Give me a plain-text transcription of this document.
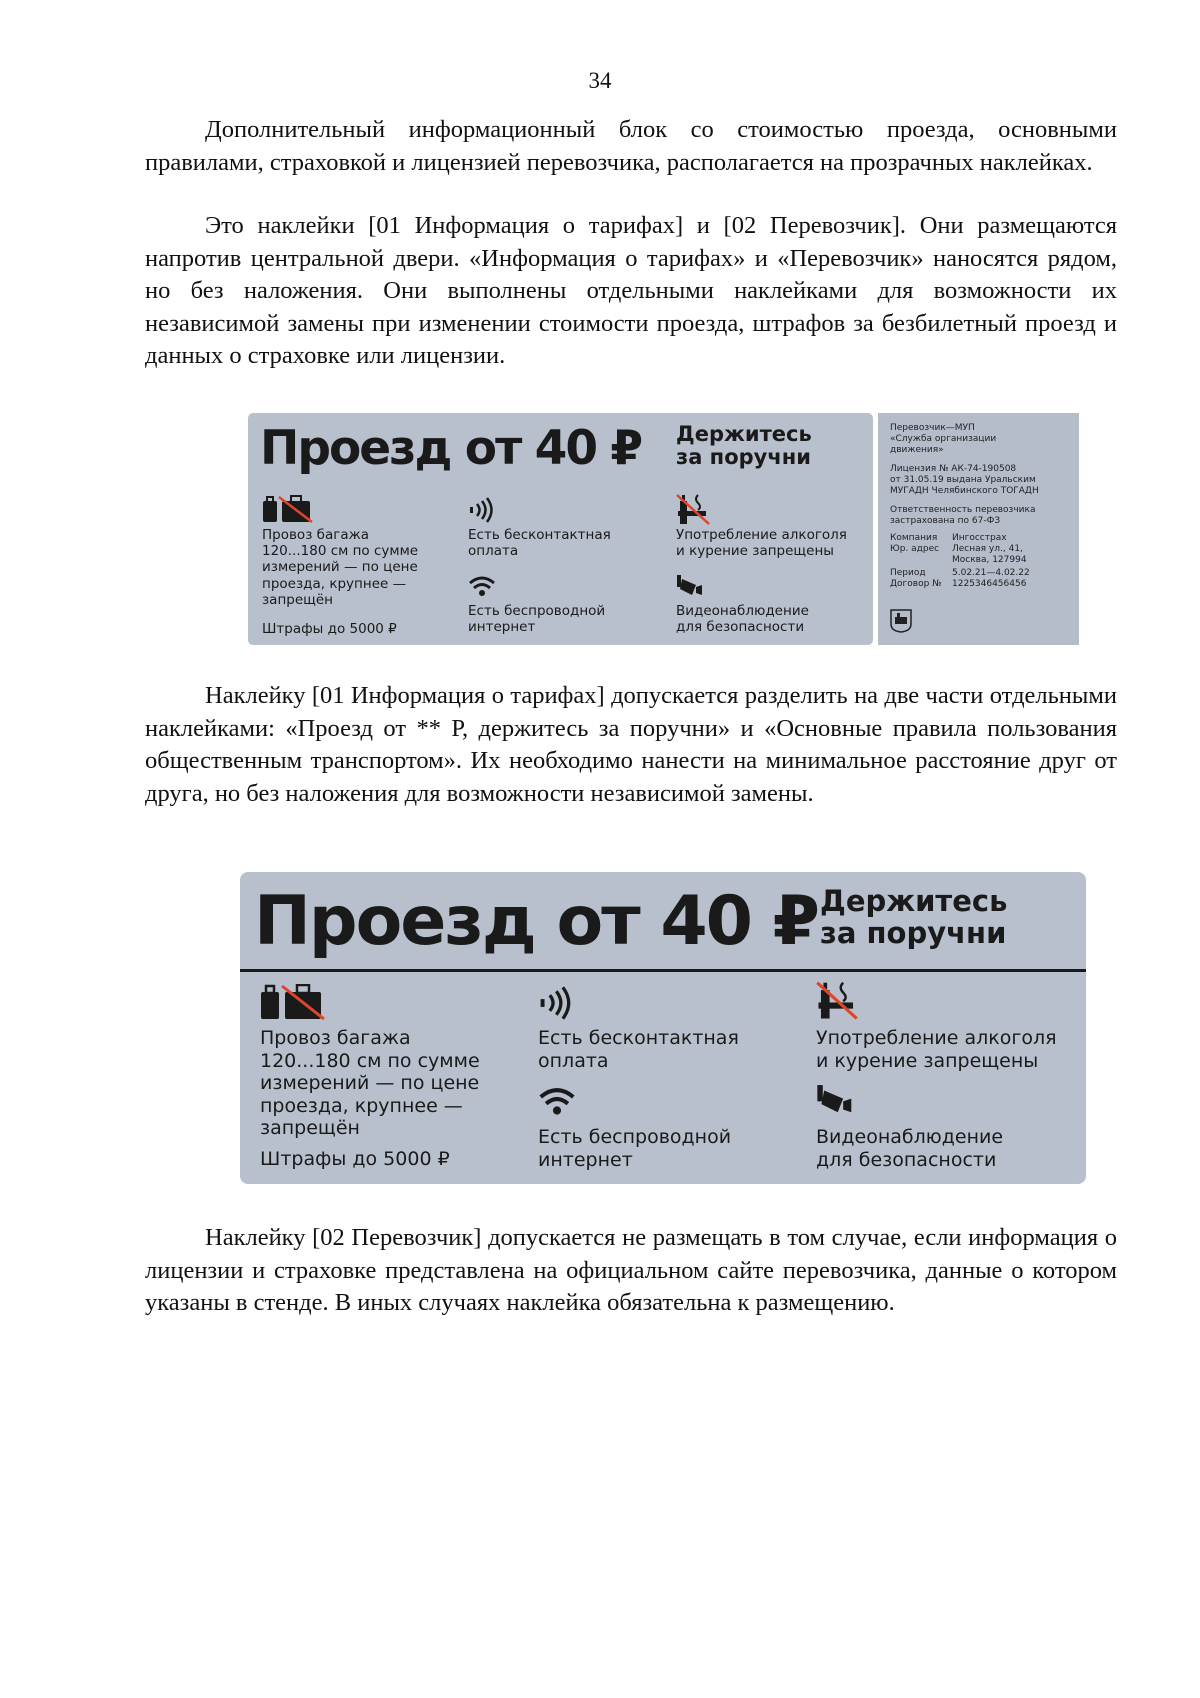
34

Дополнительный информационный блок со стоимостью проезда, основными правилами, страховкой и лицензией перевозчика, располагается на прозрачных наклейках.

Это наклейки [01 Информация о тарифах] и [02 Перевозчик]. Они размещаются напротив центральной двери. «Информация о тарифах» и «Перевозчик» наносятся рядом, но без наложения. Они выполнены отдельными наклейками для возможности их независимой замены при изменении стоимости проезда, штрафов за безбилетный проезд и данных о страховке или лицензии.

Проезд от 40 ₽ Держитесь
за поручни
Провоз багажа
120...180 см по сумме
измерений — по цене
проезда, крупнее —
запрещён
Штрафы до 5000 ₽
Есть бесконтактная
оплата
Есть беспроводной
интернет
Употребление алкоголя
и курение запрещены
Видеонаблюдение
для безопасности
Перевозчик—МУП
«Служба организации
движения»
Лицензия № АК-74-190508
от 31.05.19 выдана Уральским
МУГАДН Челябинского ТОГАДН
Ответственность перевозчика
застрахована по 67-ФЗ
Компания
Юр. адрес
Ингосстрах
Лесная ул., 41,
Москва, 127994
Период
Договор №
5.02.21—4.02.22
1225346456456

Наклейку [01 Информация о тарифах] допускается разделить на две части отдельными наклейками: «Проезд от ** Р, держитесь за поручни» и «Основные правила пользования общественным транспортом». Их необходимо нанести на минимальное расстояние друг от друга, но без наложения для возможности независимой замены.

Проезд от 40 ₽ Держитесь
за поручни
Провоз багажа
120...180 см по сумме
измерений — по цене
проезда, крупнее —
запрещён
Штрафы до 5000 ₽
Есть бесконтактная
оплата
Есть беспроводной
интернет
Употребление алкоголя
и курение запрещены
Видеонаблюдение
для безопасности

Наклейку [02 Перевозчик] допускается не размещать в том случае, если информация о лицензии и страховке представлена на официальном сайте перевозчика, данные о котором указаны в стенде. В иных случаях наклейка обязательна к размещению.
